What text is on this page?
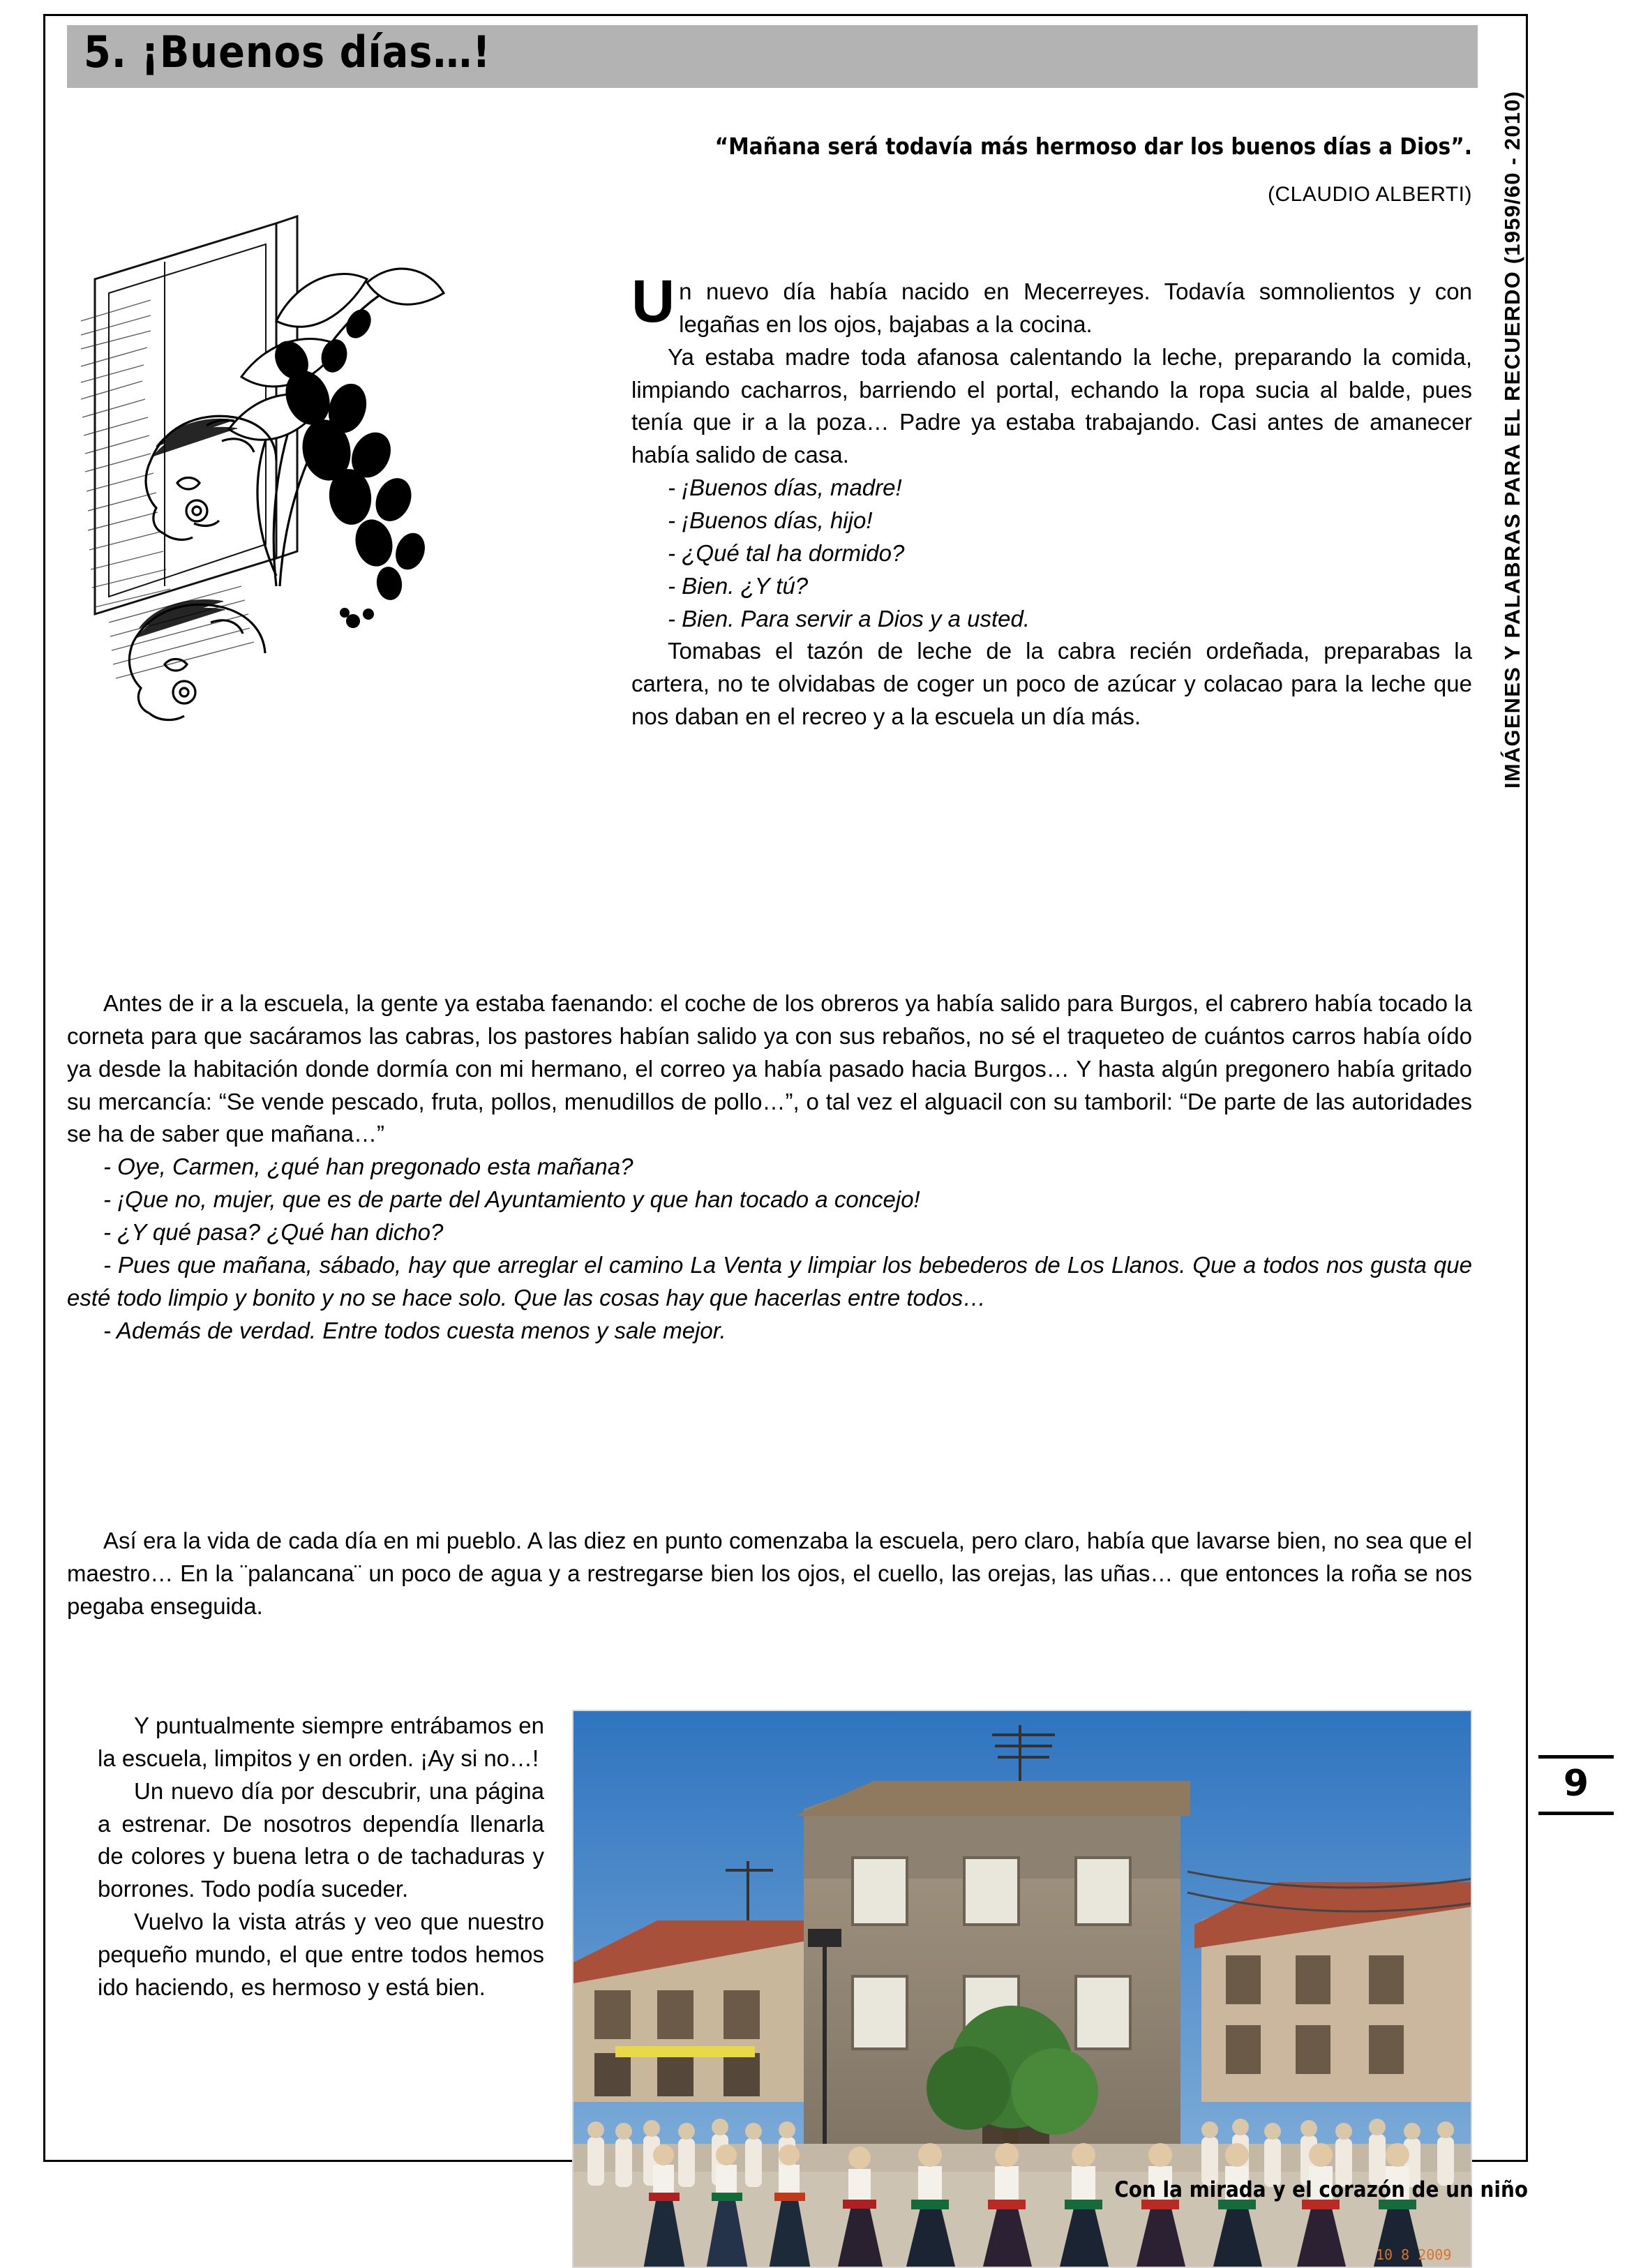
5. ¡Buenos días…!
“Mañana será todavía más hermoso dar los buenos días a Dios”.
(CLAUDIO ALBERTI)

Un nuevo día había nacido en Mecerreyes. Todavía somnolientos y con legañas en los ojos, bajabas a la cocina.

Ya estaba madre toda afanosa calentando la leche, preparando la comida, limpiando cacharros, barriendo el portal, echando la ropa sucia al balde, pues tenía que ir a la poza… Padre ya estaba trabajando. Casi antes de amanecer había salido de casa.

- ¡Buenos días, madre!

- ¡Buenos días, hijo!

- ¿Qué tal ha dormido?

- Bien. ¿Y tú?

- Bien. Para servir a Dios y a usted.

Tomabas el tazón de leche de la cabra recién ordeñada, preparabas la cartera, no te olvidabas de coger un poco de azúcar y colacao para la leche que nos daban en el recreo y a la escuela un día más.

Antes de ir a la escuela, la gente ya estaba faenando: el coche de los obreros ya había salido para Burgos, el cabrero había tocado la corneta para que sacáramos las cabras, los pastores habían salido ya con sus rebaños, no sé el traqueteo de cuántos carros había oído ya desde la habitación donde dormía con mi hermano, el correo ya había pasado hacia Burgos… Y hasta algún pregonero había gritado su mercancía: “Se vende pescado, fruta, pollos, menudillos de pollo…”, o tal vez el alguacil con su tamboril: “De parte de las autoridades se ha de saber que mañana…”

- Oye, Carmen, ¿qué han pregonado esta mañana?

- ¡Que no, mujer, que es de parte del Ayuntamiento y que han tocado a concejo!

- ¿Y qué pasa? ¿Qué han dicho?

- Pues que mañana, sábado, hay que arreglar el camino La Venta y limpiar los bebederos de Los Llanos. Que a todos nos gusta que esté todo limpio y bonito y no se hace solo. Que las cosas hay que hacerlas entre todos…

- Además de verdad. Entre todos cuesta menos y sale mejor.

Así era la vida de cada día en mi pueblo. A las diez en punto comenzaba la escuela, pero claro, había que lavarse bien, no sea que el maestro… En la ¨palancana¨ un poco de agua y a restregarse bien los ojos, el cuello, las orejas, las uñas… que entonces la roña se nos pegaba enseguida.

Y puntualmente siempre entrábamos en la escuela, limpitos y en orden. ¡Ay si no…!

Un nuevo día por descubrir, una página a estrenar. De nosotros dependía llenarla de colores y buena letra o de tachaduras y borrones. Todo podía suceder.

Vuelvo la vista atrás y veo que nuestro pequeño mundo, el que entre todos hemos ido haciendo, es hermoso y está bien.

10 8 2009
IMÁGENES Y PALABRAS PARA EL RECUERDO (1959/60 - 2010)
9
Con la mirada y el corazón de un niño
